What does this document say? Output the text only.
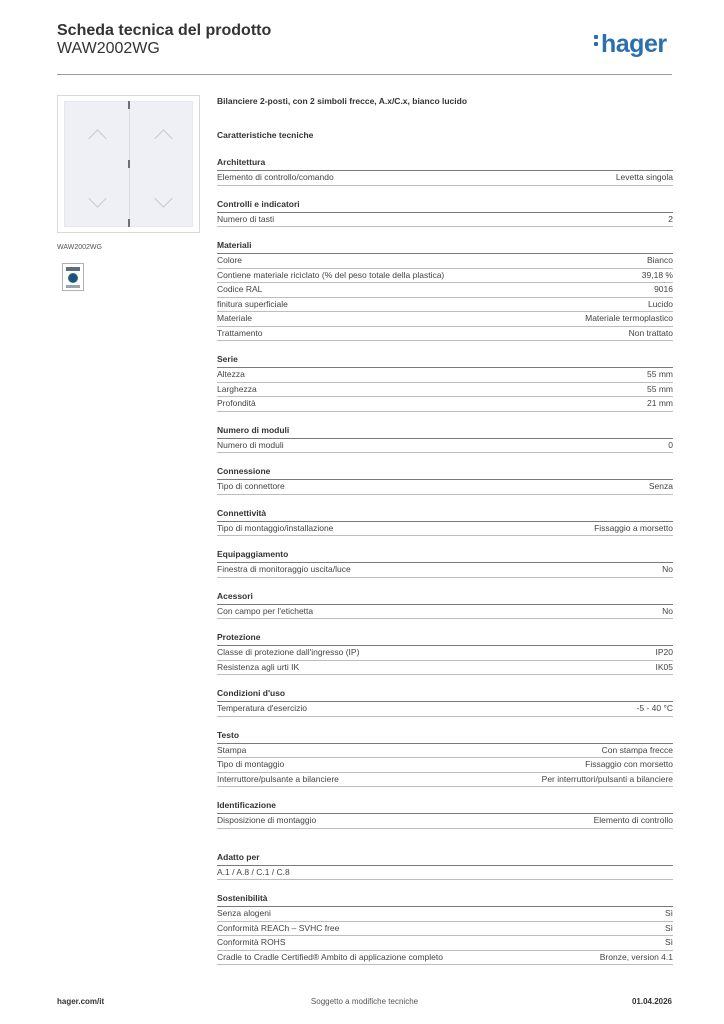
Scheda tecnica del prodotto
WAW2002WG	hager
WAW2002WG
Bilanciere 2-posti, con 2 simboli frecce, A.x/C.x, bianco lucido
Caratteristiche tecniche
Architettura
Elemento di controllo/comando	Levetta singola
Controlli e indicatori
Numero di tasti	2
Materiali
Colore	Bianco
Contiene materiale riciclato (% del peso totale della plastica)	39,18 %
Codice RAL	9016
finitura superficiale	Lucido
Materiale	Materiale termoplastico
Trattamento	Non trattato
Serie
Altezza	55 mm
Larghezza	55 mm
Profondità	21 mm
Numero di moduli
Numero di moduli	0
Connessione
Tipo di connettore	Senza
Connettività
Tipo di montaggio/installazione	Fissaggio a morsetto
Equipaggiamento
Finestra di monitoraggio uscita/luce	No
Acessori
Con campo per l'etichetta	No
Protezione
Classe di protezione dall'ingresso (IP)	IP20
Resistenza agli urti IK	IK05
Condizioni d'uso
Temperatura d'esercizio	-5 - 40 °C
Testo
Stampa	Con stampa frecce
Tipo di montaggio	Fissaggio con morsetto
Interruttore/pulsante a bilanciere	Per interruttori/pulsanti a bilanciere
Identificazione
Disposizione di montaggio	Elemento di controllo
Adatto per
A.1 / A.8 / C.1 / C.8
Sostenibilità
Senza alogeni	Sì
Conformità REACh – SVHC free	Sì
Conformità ROHS	Sì
Cradle to Cradle Certified® Ambito di applicazione completo	Bronze, version 4.1
hager.com/it	Soggetto a modifiche tecniche	01.04.2026
